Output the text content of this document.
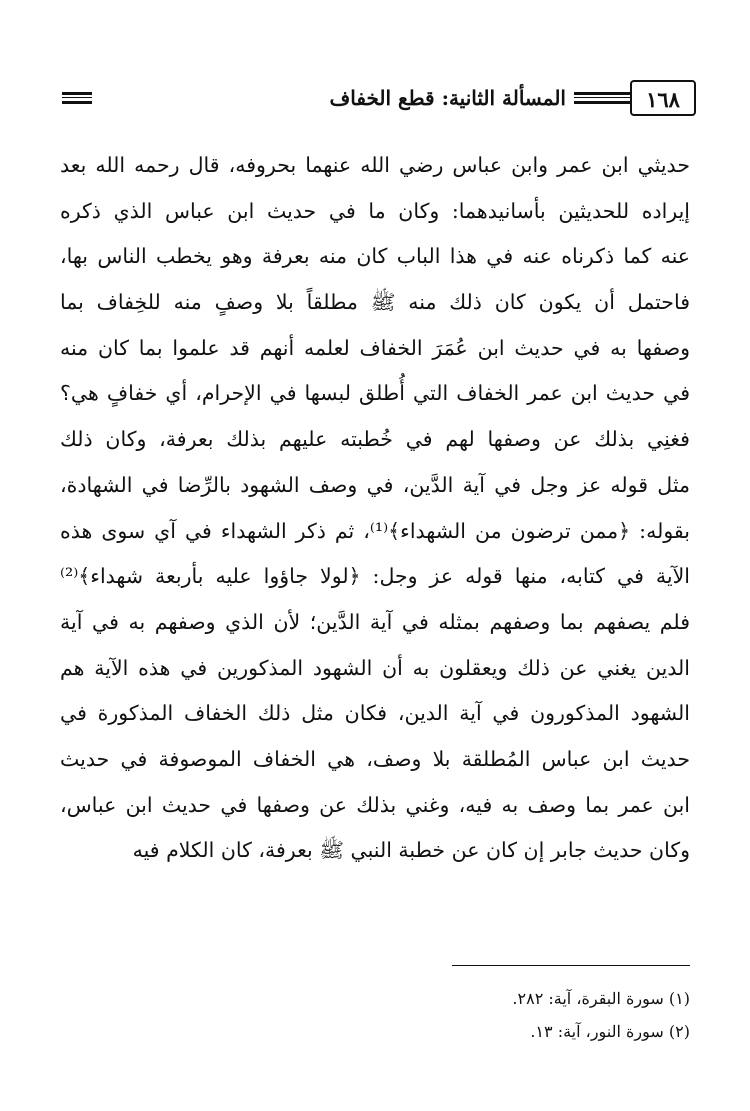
١٦٨
المسألة الثانية: قطع الخفاف
حديثي ابن عمر وابن عباس رضي الله عنهما بحروفه، قال رحمه الله بعد
إيراده للحديثين بأسانيدهما: وكان ما في حديث ابن عباس الذي ذكره
عنه كما ذكرناه عنه في هذا الباب كان منه بعرفة وهو يخطب الناس بها،
فاحتمل أن يكون كان ذلك منه ﷺ مطلقاً بلا وصفٍ منه للخِفاف بما
وصفها به في حديث ابن عُمَرَ الخفاف لعلمه أنهم قد علموا بما كان منه
في حديث ابن عمر الخفاف التي أُطلق لبسها في الإحرام، أي خفافٍ هي؟
فغنِي بذلك عن وصفها لهم في خُطبته عليهم بذلك بعرفة، وكان ذلك
مثل قوله عز وجل في آية الدَّين، في وصف الشهود بالرِّضا في الشهادة،
بقوله: ﴿ممن ترضون من الشهداء﴾⁽¹⁾، ثم ذكر الشهداء في آي سوى هذه
الآية في كتابه، منها قوله عز وجل: ﴿لولا جاؤوا عليه بأربعة شهداء﴾⁽²⁾
فلم يصفهم بما وصفهم بمثله في آية الدَّين؛ لأن الذي وصفهم به في آية
الدين يغني عن ذلك ويعقلون به أن الشهود المذكورين في هذه الآية هم
الشهود المذكورون في آية الدين، فكان مثل ذلك الخفاف المذكورة في
حديث ابن عباس المُطلقة بلا وصف، هي الخفاف الموصوفة في حديث
ابن عمر بما وصف به فيه، وغني بذلك عن وصفها في حديث ابن عباس،
وكان حديث جابر إن كان عن خطبة النبي ﷺ بعرفة، كان الكلام فيه
(١) سورة البقرة، آية: ٢٨٢.
(٢) سورة النور، آية: ١٣.
